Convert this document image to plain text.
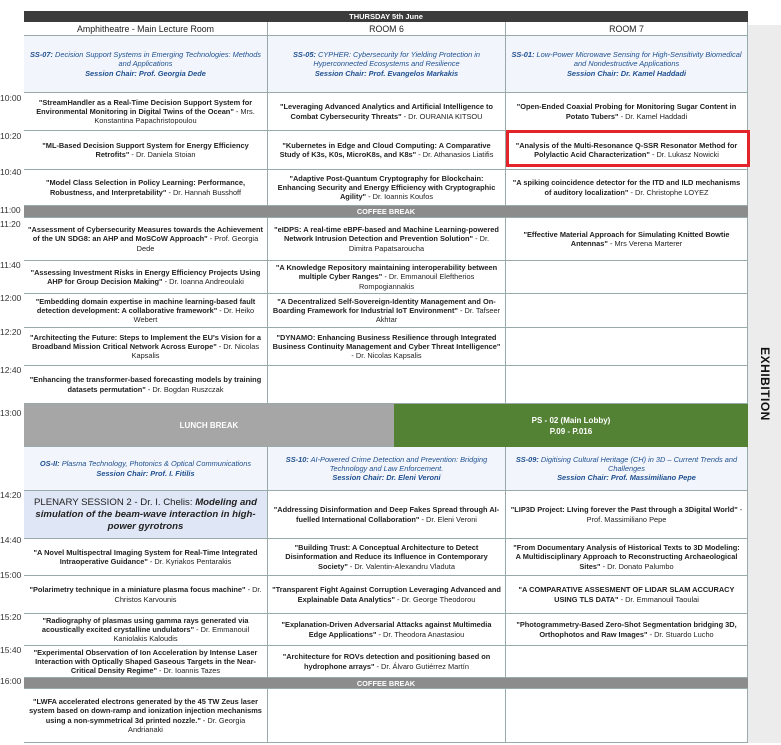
10:00
10:20
10:40
11:00
11:20
11:40
12:00
12:20
12:40
13:00
14:20
14:40
15:00
15:20
15:40
16:00
THURSDAY 5th June
Amphitheatre - Main Lecture Room	ROOM 6	ROOM 7
SS-07: Decision Support Systems in Emerging Technologies: Methods and Applications
Session Chair: Prof. Georgia Dede
SS-05: CYPHER: Cybersecurity for Yielding Protection in Hyperconnected Ecosystems and Resilience
Session Chair: Prof. Evangelos Markakis
SS-01: Low-Power Microwave Sensing for High-Sensitivity Biomedical and Nondestructive Applications
Session Chair: Dr. Kamel Haddadi
"StreamHandler as a Real-Time Decision Support System for Environmental Monitoring in Digital Twins of the Ocean" - Mrs. Konstantina Papachristopoulou
"Leveraging Advanced Analytics and Artificial Intelligence to Combat Cybersecurity Threats" - Dr. OURANIA KITSOU
"Open-Ended Coaxial Probing for Monitoring Sugar Content in Potato Tubers" - Dr. Kamel Haddadi
"ML-Based Decision Support System for Energy Efficiency Retrofits" - Dr. Daniela Stoian
"Kubernetes in Edge and Cloud Computing: A Comparative Study of K3s, K0s, MicroK8s, and K8s" - Dr. Athanasios Liatifis
"Analysis of the Multi-Resonance Q-SSR Resonator Method for Polylactic Acid Characterization" - Dr. Lukasz Nowicki
"Model Class Selection in Policy Learning: Performance, Robustness, and Interpretability" - Dr. Hannah Busshoff
"Adaptive Post-Quantum Cryptography for Blockchain: Enhancing Security and Energy Efficiency with Cryptographic Agility" - Dr. Ioannis Koufos
"A spiking coincidence detector for the ITD and ILD mechanisms of auditory localization" - Dr. Christophe LOYEZ
COFFEE BREAK
"Assessment of Cybersecurity Measures towards the Achievement of the UN SDG8: an AHP and MoSCoW Approach" - Prof. Georgia Dede
"eIDPS: A real-time eBPF-based and Machine Learning-powered Network Intrusion Detection and Prevention Solution" - Dr. Dimitra Papatsaroucha
"Effective Material Approach for Simulating Knitted Bowtie Antennas" - Mrs Verena Marterer
"Assessing Investment Risks in Energy Efficiency Projects Using AHP for Group Decision Making" - Dr. Ioanna Andreoulaki
"A Knowledge Repository maintaining interoperability between multiple Cyber Ranges" - Dr. Emmanouil Eleftherios Rompogiannakis
"Embedding domain expertise in machine learning-based fault detection development: A collaborative framework" - Dr. Heiko Webert
"A Decentralized Self-Sovereign-Identity Management and On-Boarding Framework for Industrial IoT Environment" - Dr. Tafseer Akhtar
"Architecting the Future: Steps to Implement the EU's Vision for a Broadband Mission Critical Network Across Europe" - Dr. Nicolas Kapsalis
"DYNAMO: Enhancing Business Resilience through Integrated Business Continuity Management and Cyber Threat Intelligence" - Dr. Nicolas Kapsalis
"Enhancing the transformer-based forecasting models by training datasets permutation" - Dr. Bogdan Ruszczak
LUNCH BREAK
PS - 02 (Main Lobby)
P.09 - P.016
OS-II: Plasma Technology, Photonics & Optical Communications
Session Chair: Prof. I. Fitilis
SS-10: AI-Powered Crime Detection and Prevention: Bridging Technology and Law Enforcement.
Session Chair: Dr. Eleni Veroni
SS-09: Digitising Cultural Heritage (CH) in 3D – Current Trends and Challenges
Session Chair: Prof. Massimiliano Pepe
PLENARY SESSION 2 - Dr. I. Chelis: Modeling and simulation of the beam-wave interaction in high-power gyrotrons
"Addressing Disinformation and Deep Fakes Spread through AI-fuelled International Collaboration" - Dr. Eleni Veroni
"LIP3D Project: LIving forever the Past through a 3Digital World" - Prof. Massimiliano Pepe
"A Novel Multispectral Imaging System for Real-Time Integrated Intraoperative Guidance" - Dr. Kyriakos Pentarakis
"Building Trust: A Conceptual Architecture to Detect Disinformation and Reduce its Influence in Contemporary Society" - Dr. Valentin-Alexandru Vladuta
"From Documentary Analysis of Historical Texts to 3D Modeling: A Multidisciplinary Approach to Reconstructing Archaeological Sites" - Dr. Donato Palumbo
"Polarimetry technique in a miniature plasma focus machine" - Dr. Christos Karvounis
"Transparent Fight Against Corruption Leveraging Advanced and Explainable Data Analytics" - Dr. George Theodorou
"A COMPARATIVE ASSESMENT OF LIDAR SLAM ACCURACY USING TLS DATA" - Dr. Emmanouil Taoulai
"Radiography of plasmas using gamma rays generated via acoustically excited crystalline undulators" - Dr. Emmanouil Kaniolakis Kaloudis
"Explanation-Driven Adversarial Attacks against Multimedia Edge Applications" - Dr. Theodora Anastasiou
"Photogrammetry-Based Zero-Shot Segmentation bridging 3D, Orthophotos and Raw Images" - Dr. Stuardo Lucho
"Experimental Observation of Ion Acceleration by Intense Laser Interaction with Optically Shaped Gaseous Targets in the Near-Critical Density Regime" - Dr. Ioannis Tazes
"Architecture for ROVs detection and positioning based on hydrophone arrays" - Dr. Álvaro Gutiérrez Martín
COFFEE BREAK
"LWFA accelerated electrons generated by the 45 TW Zeus laser system based on down-ramp and ionization injection mechanisms using a non-symmetrical 3d printed nozzle." - Dr. Georgia Andrianaki
EXHIBITION
